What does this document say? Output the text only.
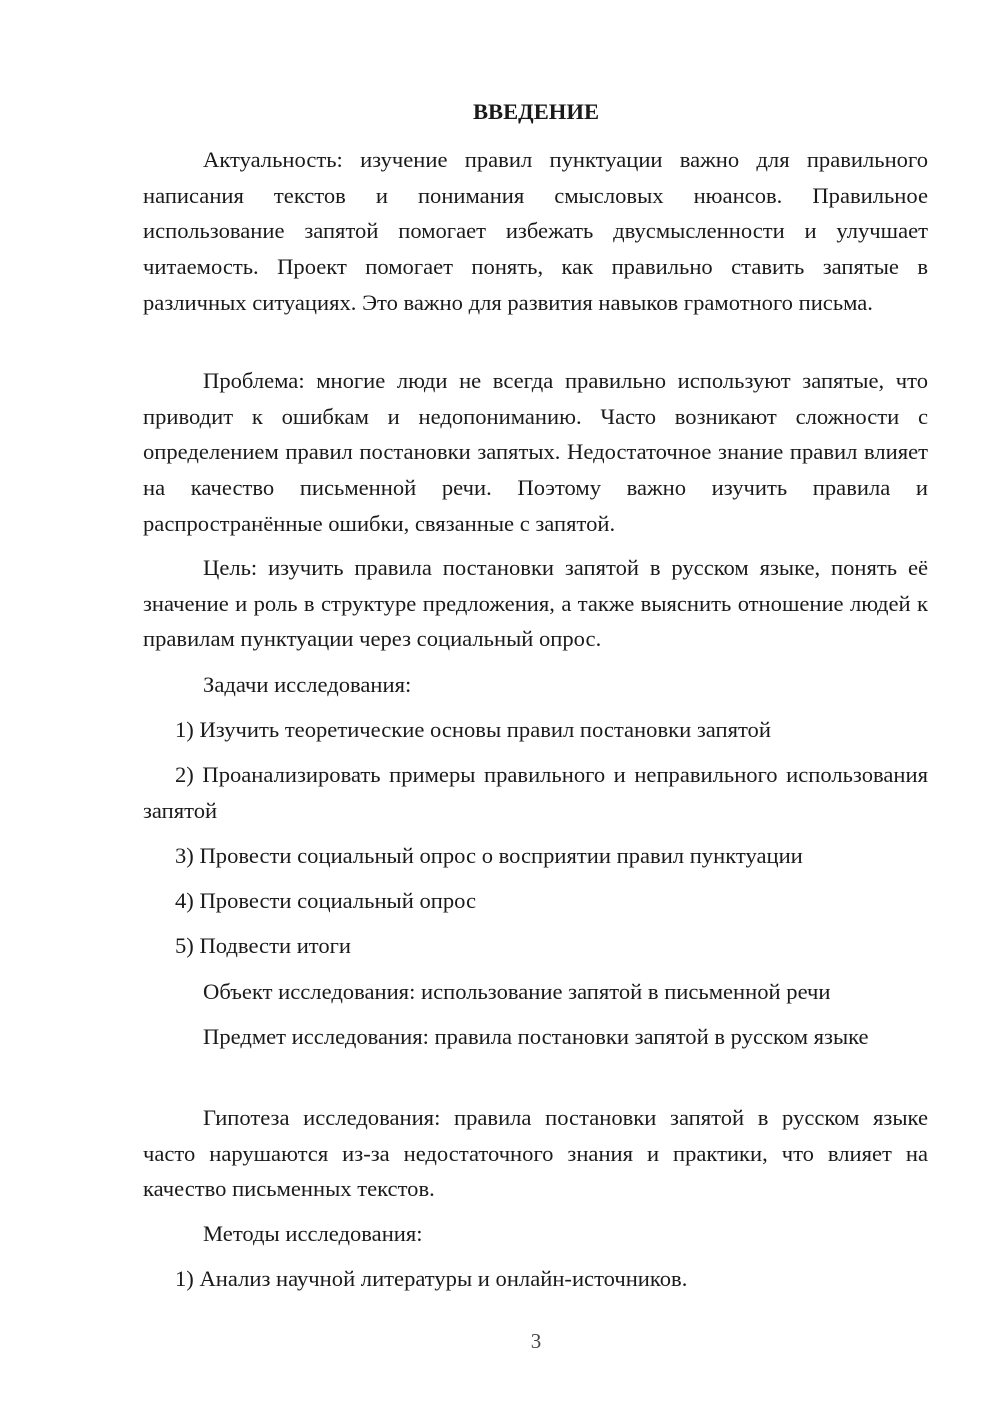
ВВЕДЕНИЕ
Актуальность: изучение правил пунктуации важно для правильного написания текстов и понимания смысловых нюансов. Правильное использование запятой помогает избежать двусмысленности и улучшает читаемость. Проект помогает понять, как правильно ставить запятые в различных ситуациях. Это важно для развития навыков грамотного письма.
Проблема: многие люди не всегда правильно используют запятые, что приводит к ошибкам и недопониманию. Часто возникают сложности с определением правил постановки запятых. Недостаточное знание правил влияет на качество письменной речи. Поэтому важно изучить правила и распространённые ошибки, связанные с запятой.
Цель: изучить правила постановки запятой в русском языке, понять её значение и роль в структуре предложения, а также выяснить отношение людей к правилам пунктуации через социальный опрос.
Задачи исследования:
1) Изучить теоретические основы правил постановки запятой
2) Проанализировать примеры правильного и неправильного использования запятой
3) Провести социальный опрос о восприятии правил пунктуации
4) Провести социальный опрос
5) Подвести итоги
Объект исследования: использование запятой в письменной речи
Предмет исследования: правила постановки запятой в русском языке
Гипотеза исследования: правила постановки запятой в русском языке часто нарушаются из-за недостаточного знания и практики, что влияет на качество письменных текстов.
Методы исследования:
1) Анализ научной литературы и онлайн-источников.
3
